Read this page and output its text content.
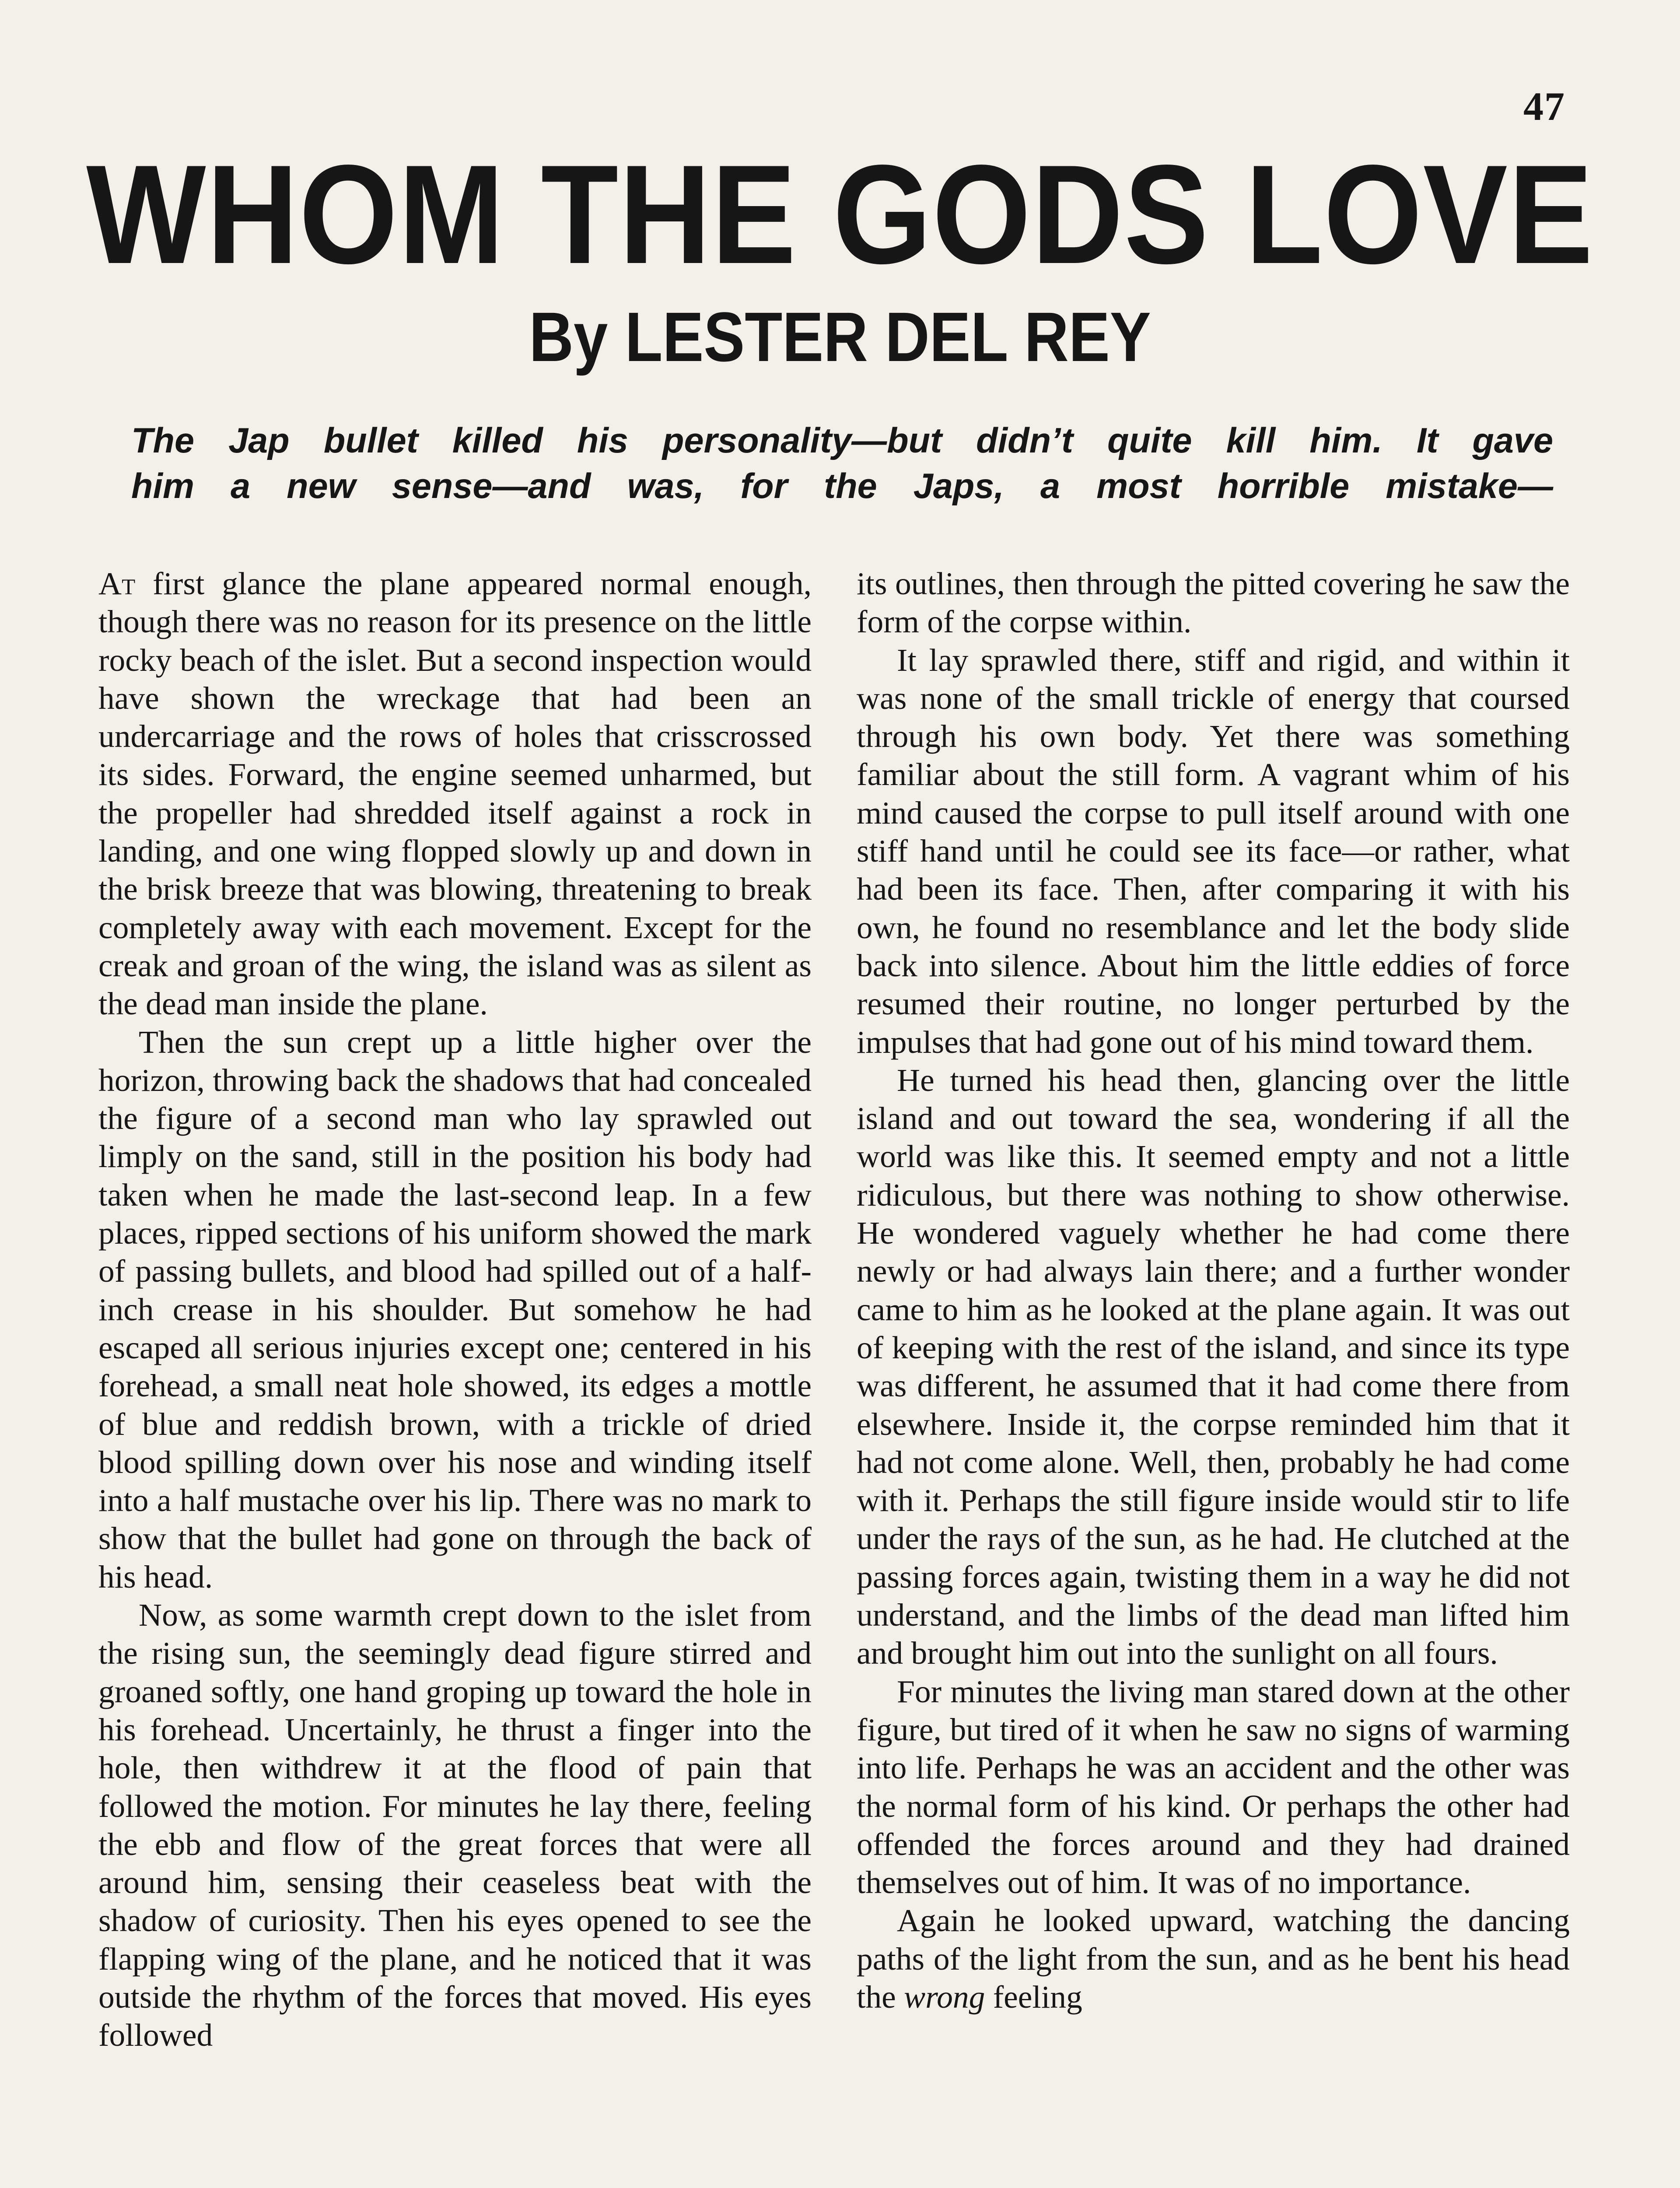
47
WHOM THE GODS LOVE
By LESTER DEL REY
The Jap bullet killed his personality—but didn’t quite kill him. It gave
him a new sense—and was, for the Japs, a most horrible mistake—

At first glance the plane appeared normal enough, though there was no reason for its presence on the little rocky beach of the islet. But a second inspection would have shown the wreckage that had been an undercarriage and the rows of holes that crisscrossed its sides. Forward, the engine seemed unharmed, but the propeller had shredded itself against a rock in landing, and one wing flopped slowly up and down in the brisk breeze that was blowing, threatening to break completely away with each movement. Except for the creak and groan of the wing, the island was as silent as the dead man inside the plane.

Then the sun crept up a little higher over the horizon, throwing back the shadows that had concealed the figure of a second man who lay sprawled out limply on the sand, still in the position his body had taken when he made the last-second leap. In a few places, ripped sections of his uniform showed the mark of passing bullets, and blood had spilled out of a half-inch crease in his shoulder. But somehow he had escaped all serious injuries except one; centered in his forehead, a small neat hole showed, its edges a mottle of blue and reddish brown, with a trickle of dried blood spilling down over his nose and winding itself into a half mustache over his lip. There was no mark to show that the bullet had gone on through the back of his head.

Now, as some warmth crept down to the islet from the rising sun, the seemingly dead figure stirred and groaned softly, one hand groping up toward the hole in his forehead. Uncertainly, he thrust a finger into the hole, then withdrew it at the flood of pain that followed the motion. For minutes he lay there, feeling the ebb and flow of the great forces that were all around him, sensing their ceaseless beat with the shadow of curiosity. Then his eyes opened to see the flapping wing of the plane, and he noticed that it was outside the rhythm of the forces that moved. His eyes followed

its outlines, then through the pitted covering he saw the form of the corpse within.

It lay sprawled there, stiff and rigid, and within it was none of the small trickle of energy that coursed through his own body. Yet there was something familiar about the still form. A vagrant whim of his mind caused the corpse to pull itself around with one stiff hand until he could see its face—or rather, what had been its face. Then, after comparing it with his own, he found no resemblance and let the body slide back into silence. About him the little eddies of force resumed their routine, no longer perturbed by the impulses that had gone out of his mind toward them.

He turned his head then, glancing over the little island and out toward the sea, wondering if all the world was like this. It seemed empty and not a little ridiculous, but there was nothing to show otherwise. He wondered vaguely whether he had come there newly or had always lain there; and a further wonder came to him as he looked at the plane again. It was out of keeping with the rest of the island, and since its type was different, he assumed that it had come there from elsewhere. Inside it, the corpse reminded him that it had not come alone. Well, then, probably he had come with it. Perhaps the still figure inside would stir to life under the rays of the sun, as he had. He clutched at the passing forces again, twisting them in a way he did not understand, and the limbs of the dead man lifted him and brought him out into the sunlight on all fours.

For minutes the living man stared down at the other figure, but tired of it when he saw no signs of warming into life. Perhaps he was an accident and the other was the normal form of his kind. Or perhaps the other had offended the forces around and they had drained themselves out of him. It was of no importance.

Again he looked upward, watching the dancing paths of the light from the sun, and as he bent his head the wrong feeling
